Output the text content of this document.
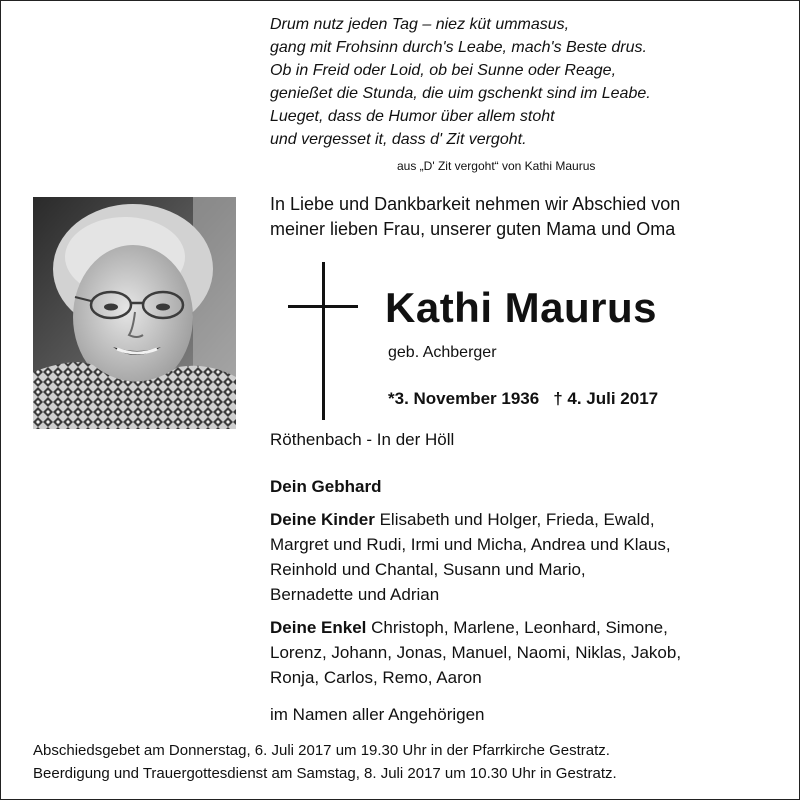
Drum nutz jeden Tag – niez küt ummasus,
gang mit Frohsinn durch's Leabe, mach's Beste drus.
Ob in Freid oder Loid, ob bei Sunne oder Reage,
genießet die Stunda, die uim gschenkt sind im Leabe.
Lueget, dass de Humor über allem stoht
und vergesset it, dass d' Zit vergoht.
aus „D' Zit vergoht“ von Kathi Maurus
In Liebe und Dankbarkeit nehmen wir Abschied von
meiner lieben Frau, unserer guten Mama und Oma
Kathi Maurus
geb. Achberger
*3. November 1936 † 4. Juli 2017
Röthenbach - In der Höll
Dein Gebhard
Deine Kinder Elisabeth und Holger, Frieda, Ewald,
Margret und Rudi, Irmi und Micha, Andrea und Klaus,
Reinhold und Chantal, Susann und Mario,
Bernadette und Adrian
Deine Enkel Christoph, Marlene, Leonhard, Simone,
Lorenz, Johann, Jonas, Manuel, Naomi, Niklas, Jakob,
Ronja, Carlos, Remo, Aaron
im Namen aller Angehörigen
Abschiedsgebet am Donnerstag, 6. Juli 2017 um 19.30 Uhr in der Pfarrkirche Gestratz.
Beerdigung und Trauergottesdienst am Samstag, 8. Juli 2017 um 10.30 Uhr in Gestratz.
